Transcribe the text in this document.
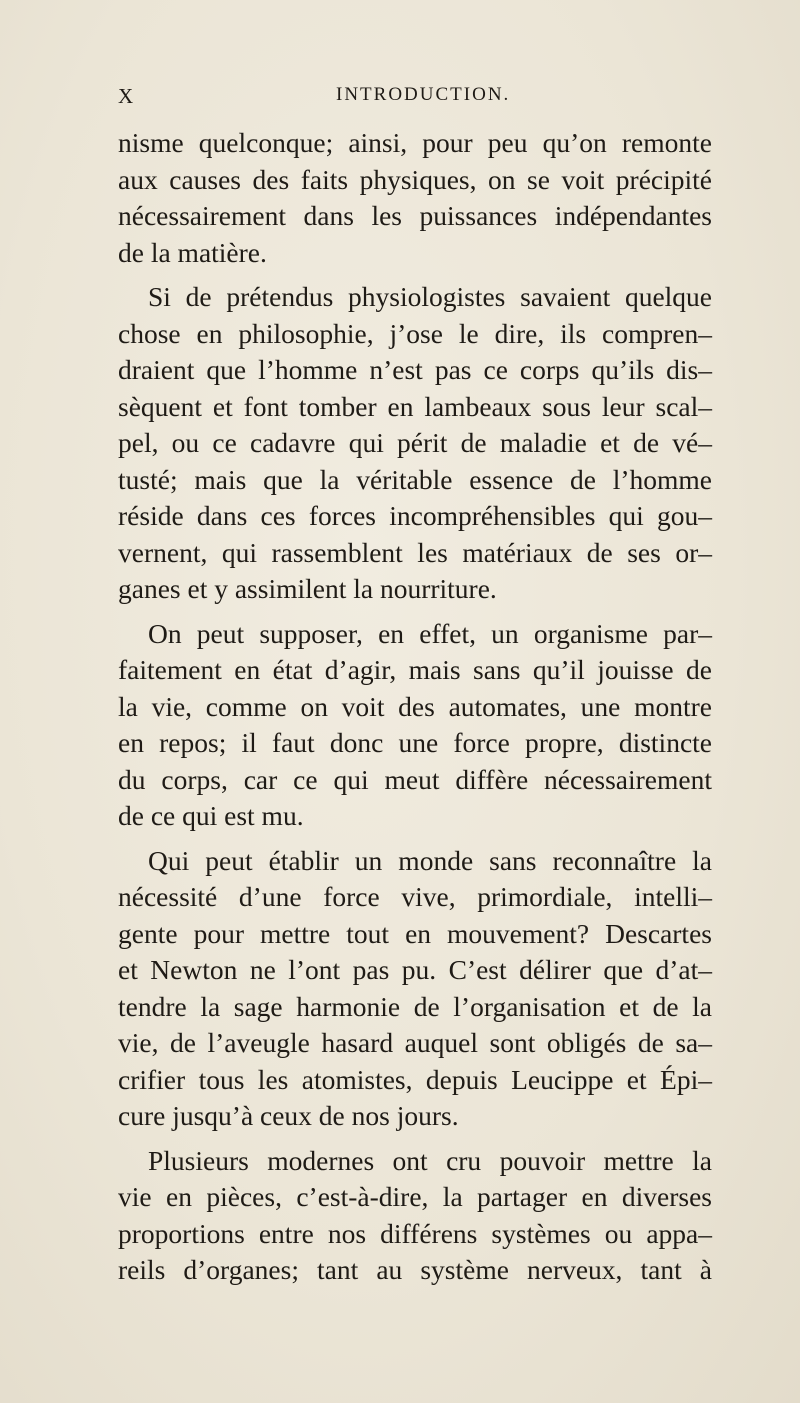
X	INTRODUCTION.
nisme quelconque; ainsi, pour peu qu’on remonte
aux causes des faits physiques, on se voit précipité
nécessairement dans les puissances indépendantes
de la matière.
Si de prétendus physiologistes savaient quelque
chose en philosophie, j’ose le dire, ils compren–
draient que l’homme n’est pas ce corps qu’ils dis–
sèquent et font tomber en lambeaux sous leur scal–
pel, ou ce cadavre qui périt de maladie et de vé–
tusté; mais que la véritable essence de l’homme
réside dans ces forces incompréhensibles qui gou–
vernent, qui rassemblent les matériaux de ses or–
ganes et y assimilent la nourriture.
On peut supposer, en effet, un organisme par–
faitement en état d’agir, mais sans qu’il jouisse de
la vie, comme on voit des automates, une montre
en repos; il faut donc une force propre, distincte
du corps, car ce qui meut diffère nécessairement
de ce qui est mu.
Qui peut établir un monde sans reconnaître la
nécessité d’une force vive, primordiale, intelli–
gente pour mettre tout en mouvement? Descartes
et Newton ne l’ont pas pu. C’est délirer que d’at–
tendre la sage harmonie de l’organisation et de la
vie, de l’aveugle hasard auquel sont obligés de sa–
crifier tous les atomistes, depuis Leucippe et Épi–
cure jusqu’à ceux de nos jours.
Plusieurs modernes ont cru pouvoir mettre la
vie en pièces, c’est-à-dire, la partager en diverses
proportions entre nos différens systèmes ou appa–
reils d’organes; tant au système nerveux, tant à
